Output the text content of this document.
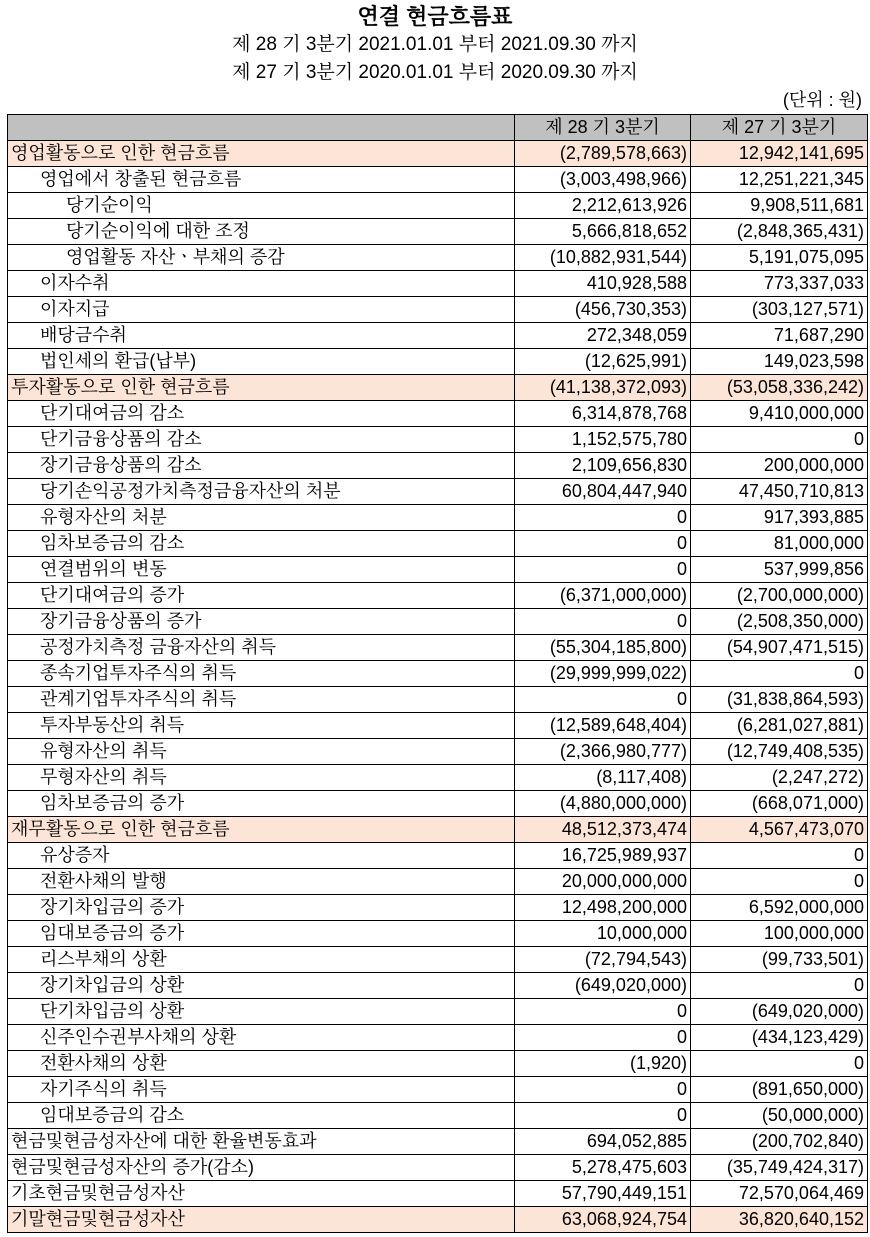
연결 현금흐름표
제 28 기 3분기 2021.01.01 부터 2021.09.30 까지
제 27 기 3분기 2020.01.01 부터 2020.09.30 까지
(단위 : 원)
	제 28 기 3분기	제 27 기 3분기
영업활동으로 인한 현금흐름	(2,789,578,663)	12,942,141,695
영업에서 창출된 현금흐름	(3,003,498,966)	12,251,221,345
당기순이익	2,212,613,926	9,908,511,681
당기순이익에 대한 조정	5,666,818,652	(2,848,365,431)
영업활동 자산ㆍ부채의 증감	(10,882,931,544)	5,191,075,095
이자수취	410,928,588	773,337,033
이자지급	(456,730,353)	(303,127,571)
배당금수취	272,348,059	71,687,290
법인세의 환급(납부)	(12,625,991)	149,023,598
투자활동으로 인한 현금흐름	(41,138,372,093)	(53,058,336,242)
단기대여금의 감소	6,314,878,768	9,410,000,000
단기금융상품의 감소	1,152,575,780	0
장기금융상품의 감소	2,109,656,830	200,000,000
당기손익공정가치측정금융자산의 처분	60,804,447,940	47,450,710,813
유형자산의 처분	0	917,393,885
임차보증금의 감소	0	81,000,000
연결범위의 변동	0	537,999,856
단기대여금의 증가	(6,371,000,000)	(2,700,000,000)
장기금융상품의 증가	0	(2,508,350,000)
공정가치측정 금융자산의 취득	(55,304,185,800)	(54,907,471,515)
종속기업투자주식의 취득	(29,999,999,022)	0
관계기업투자주식의 취득	0	(31,838,864,593)
투자부동산의 취득	(12,589,648,404)	(6,281,027,881)
유형자산의 취득	(2,366,980,777)	(12,749,408,535)
무형자산의 취득	(8,117,408)	(2,247,272)
임차보증금의 증가	(4,880,000,000)	(668,071,000)
재무활동으로 인한 현금흐름	48,512,373,474	4,567,473,070
유상증자	16,725,989,937	0
전환사채의 발행	20,000,000,000	0
장기차입금의 증가	12,498,200,000	6,592,000,000
임대보증금의 증가	10,000,000	100,000,000
리스부채의 상환	(72,794,543)	(99,733,501)
장기차입금의 상환	(649,020,000)	0
단기차입금의 상환	0	(649,020,000)
신주인수권부사채의 상환	0	(434,123,429)
전환사채의 상환	(1,920)	0
자기주식의 취득	0	(891,650,000)
임대보증금의 감소	0	(50,000,000)
현금및현금성자산에 대한 환율변동효과	694,052,885	(200,702,840)
현금및현금성자산의 증가(감소)	5,278,475,603	(35,749,424,317)
기초현금및현금성자산	57,790,449,151	72,570,064,469
기말현금및현금성자산	63,068,924,754	36,820,640,152
